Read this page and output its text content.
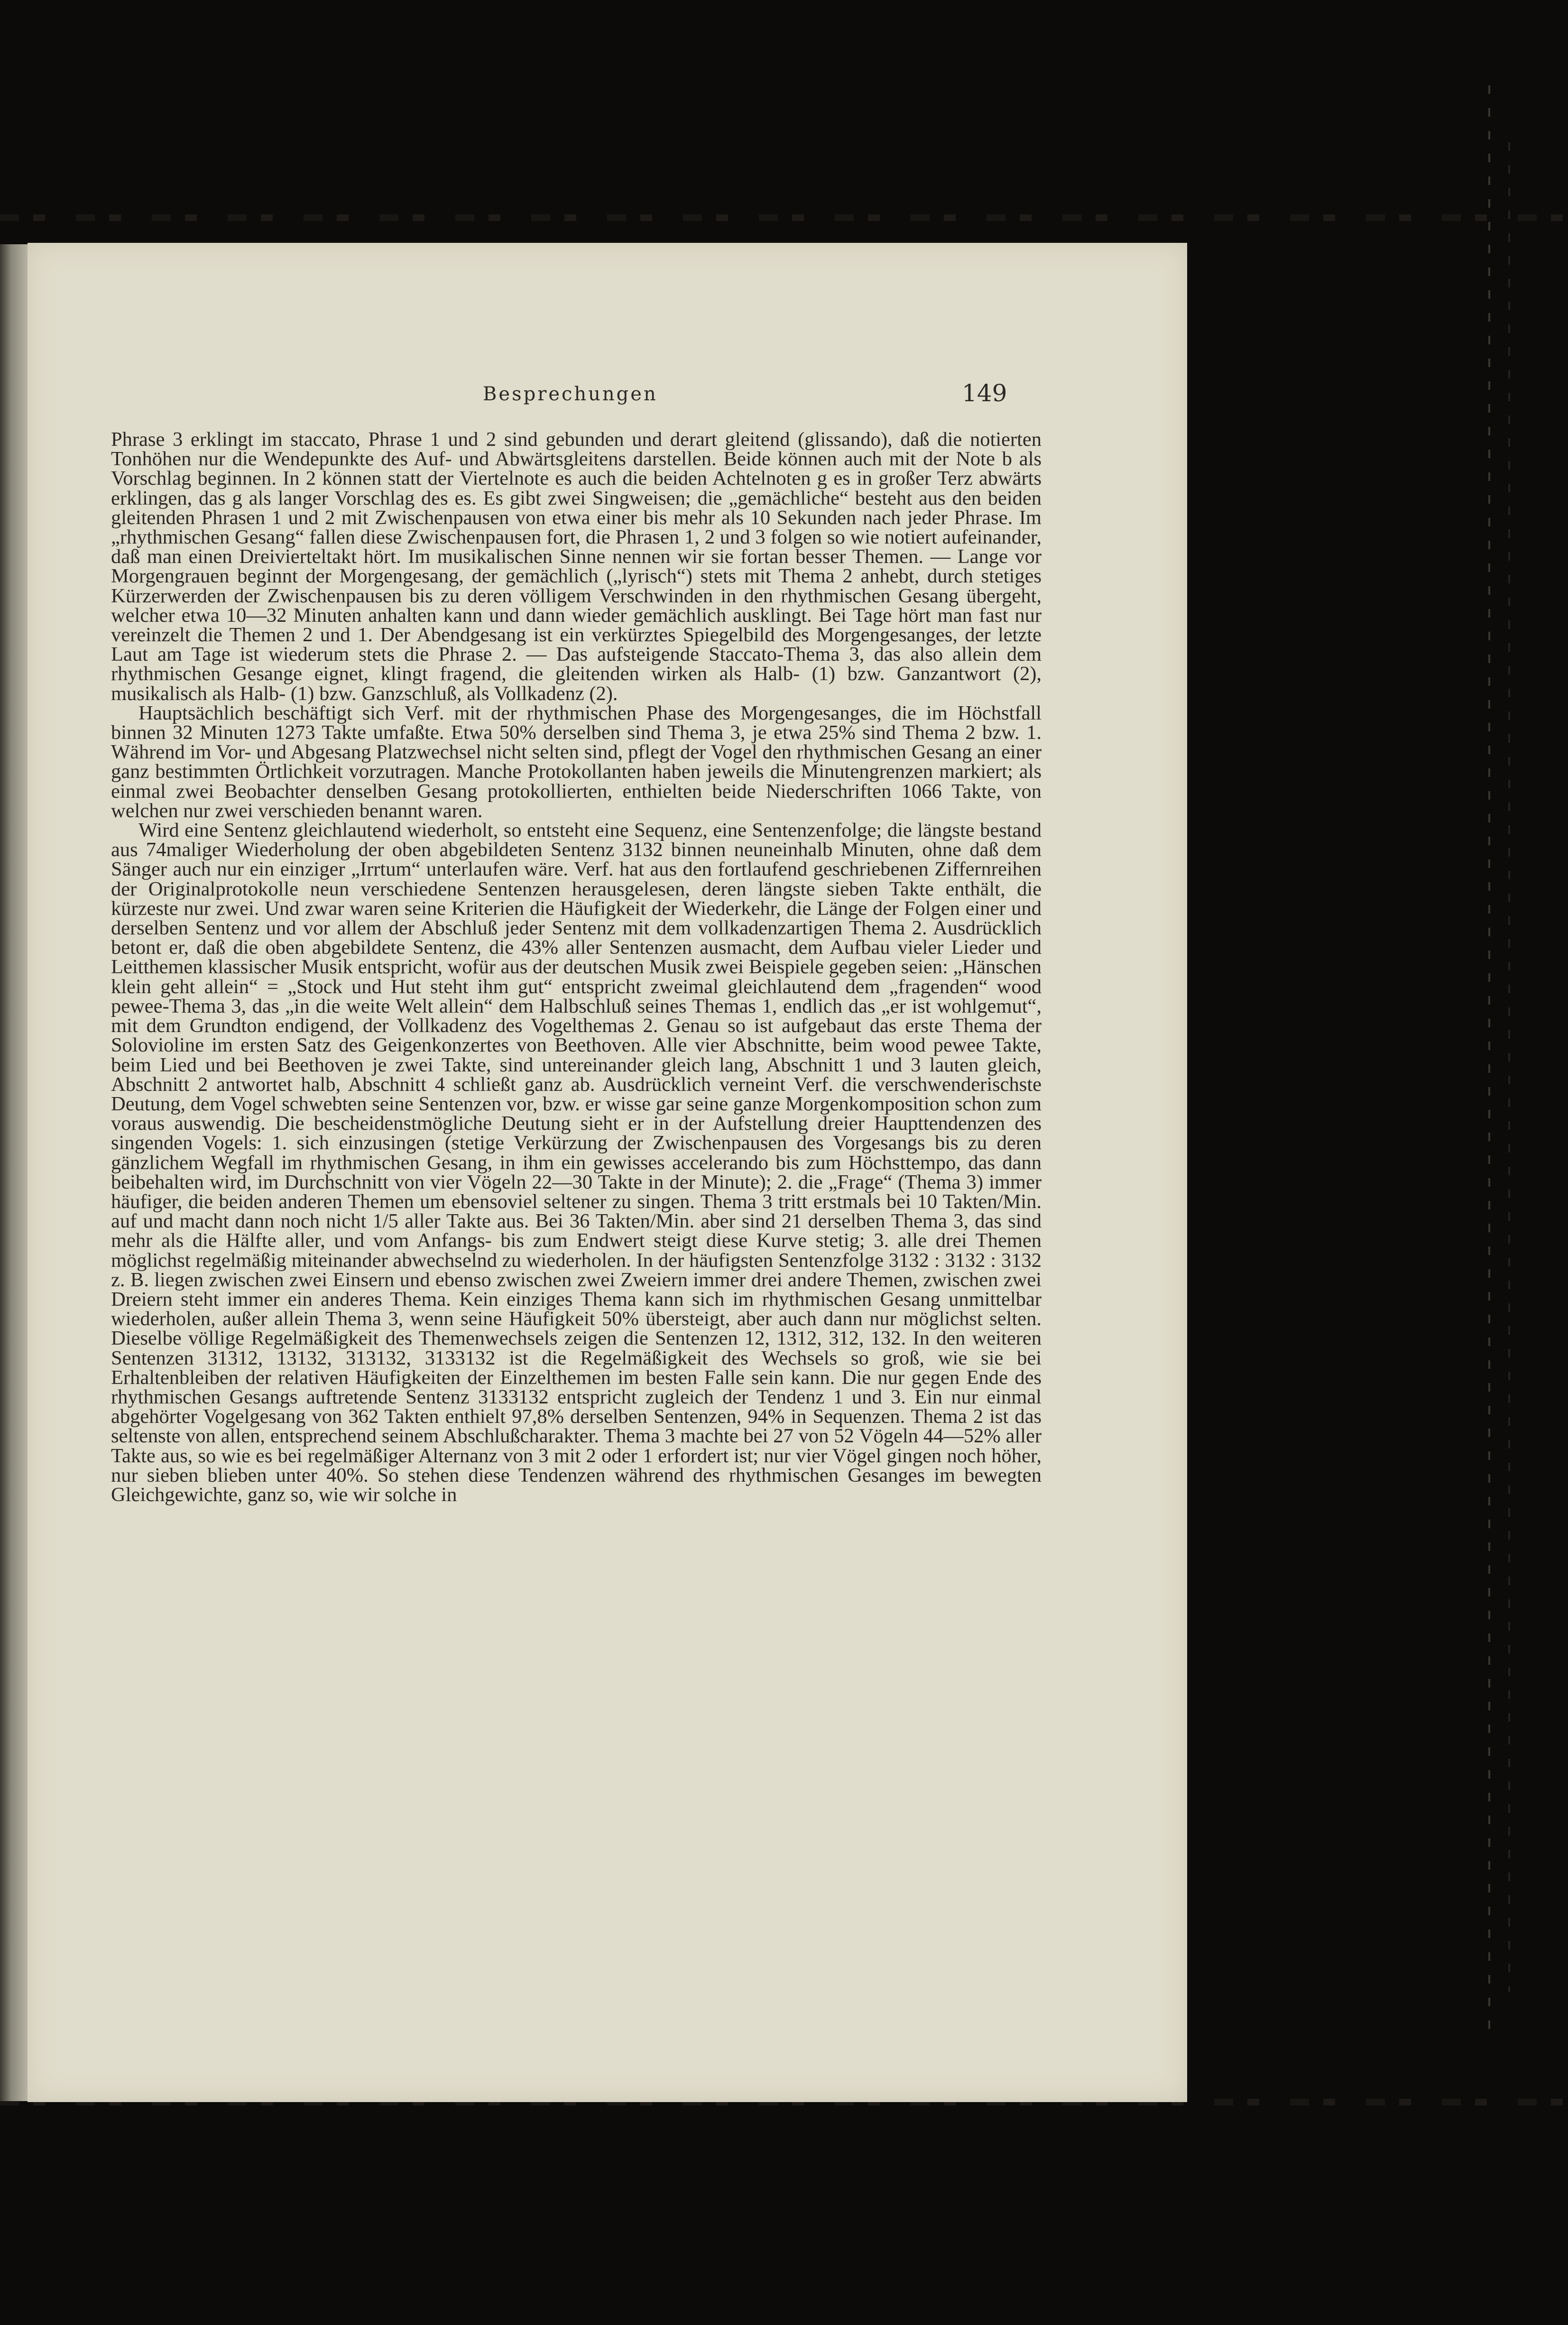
Besprechungen	149

Phrase 3 erklingt im staccato, Phrase 1 und 2 sind gebunden und derart gleitend (glissando), daß die notierten Tonhöhen nur die Wendepunkte des Auf- und Abwärtsgleitens darstellen. Beide können auch mit der Note b als Vorschlag beginnen. In 2 können statt der Viertelnote es auch die beiden Achtelnoten g es in großer Terz abwärts erklingen, das g als langer Vorschlag des es. Es gibt zwei Singweisen; die „gemächliche“ besteht aus den beiden gleitenden Phrasen 1 und 2 mit Zwischenpausen von etwa einer bis mehr als 10 Sekunden nach jeder Phrase. Im „rhythmischen Gesang“ fallen diese Zwischenpausen fort, die Phrasen 1, 2 und 3 folgen so wie notiert aufeinander, daß man einen Dreivierteltakt hört. Im musikalischen Sinne nennen wir sie fortan besser Themen. — Lange vor Morgengrauen beginnt der Morgengesang, der gemächlich („lyrisch“) stets mit Thema 2 anhebt, durch stetiges Kürzerwerden der Zwischenpausen bis zu deren völligem Verschwinden in den rhythmischen Gesang übergeht, welcher etwa 10—32 Minuten anhalten kann und dann wieder gemächlich ausklingt. Bei Tage hört man fast nur vereinzelt die Themen 2 und 1. Der Abendgesang ist ein verkürztes Spiegelbild des Morgengesanges, der letzte Laut am Tage ist wiederum stets die Phrase 2. — Das aufsteigende Staccato-Thema 3, das also allein dem rhythmischen Gesange eignet, klingt fragend, die gleitenden wirken als Halb- (1) bzw. Ganzantwort (2), musikalisch als Halb- (1) bzw. Ganzschluß, als Vollkadenz (2).

Hauptsächlich beschäftigt sich Verf. mit der rhythmischen Phase des Morgengesanges, die im Höchstfall binnen 32 Minuten 1273 Takte umfaßte. Etwa 50% derselben sind Thema 3, je etwa 25% sind Thema 2 bzw. 1. Während im Vor- und Abgesang Platzwechsel nicht selten sind, pflegt der Vogel den rhythmischen Gesang an einer ganz bestimmten Örtlichkeit vorzutragen. Manche Protokollanten haben jeweils die Minutengrenzen markiert; als einmal zwei Beobachter denselben Gesang protokollierten, enthielten beide Niederschriften 1066 Takte, von welchen nur zwei verschieden benannt waren.

Wird eine Sentenz gleichlautend wiederholt, so entsteht eine Sequenz, eine Sentenzenfolge; die längste bestand aus 74maliger Wiederholung der oben abgebildeten Sentenz 3132 binnen neuneinhalb Minuten, ohne daß dem Sänger auch nur ein einziger „Irrtum“ unterlaufen wäre. Verf. hat aus den fortlaufend geschriebenen Ziffernreihen der Originalprotokolle neun verschiedene Sentenzen herausgelesen, deren längste sieben Takte enthält, die kürzeste nur zwei. Und zwar waren seine Kriterien die Häufigkeit der Wiederkehr, die Länge der Folgen einer und derselben Sentenz und vor allem der Abschluß jeder Sentenz mit dem vollkadenzartigen Thema 2. Ausdrücklich betont er, daß die oben abgebildete Sentenz, die 43% aller Sentenzen ausmacht, dem Aufbau vieler Lieder und Leitthemen klassischer Musik entspricht, wofür aus der deutschen Musik zwei Beispiele gegeben seien: „Hänschen klein geht allein“ = „Stock und Hut steht ihm gut“ entspricht zweimal gleichlautend dem „fragenden“ wood pewee-Thema 3, das „in die weite Welt allein“ dem Halbschluß seines Themas 1, endlich das „er ist wohlgemut“, mit dem Grundton endigend, der Vollkadenz des Vogelthemas 2. Genau so ist aufgebaut das erste Thema der Solovioline im ersten Satz des Geigenkonzertes von Beethoven. Alle vier Abschnitte, beim wood pewee Takte, beim Lied und bei Beethoven je zwei Takte, sind untereinander gleich lang, Abschnitt 1 und 3 lauten gleich, Abschnitt 2 antwortet halb, Abschnitt 4 schließt ganz ab. Ausdrücklich verneint Verf. die verschwenderischste Deutung, dem Vogel schwebten seine Sentenzen vor, bzw. er wisse gar seine ganze Morgenkomposition schon zum voraus auswendig. Die bescheidenstmögliche Deutung sieht er in der Aufstellung dreier Haupttendenzen des singenden Vogels: 1. sich einzusingen (stetige Verkürzung der Zwischenpausen des Vorgesangs bis zu deren gänzlichem Wegfall im rhythmischen Gesang, in ihm ein gewisses accelerando bis zum Höchsttempo, das dann beibehalten wird, im Durchschnitt von vier Vögeln 22—30 Takte in der Minute); 2. die „Frage“ (Thema 3) immer häufiger, die beiden anderen Themen um ebensoviel seltener zu singen. Thema 3 tritt erstmals bei 10 Takten/Min. auf und macht dann noch nicht 1/5 aller Takte aus. Bei 36 Takten/Min. aber sind 21 derselben Thema 3, das sind mehr als die Hälfte aller, und vom Anfangs- bis zum Endwert steigt diese Kurve stetig; 3. alle drei Themen möglichst regelmäßig miteinander abwechselnd zu wiederholen. In der häufigsten Sentenzfolge 3132 : 3132 : 3132 z. B. liegen zwischen zwei Einsern und ebenso zwischen zwei Zweiern immer drei andere Themen, zwischen zwei Dreiern steht immer ein anderes Thema. Kein einziges Thema kann sich im rhythmischen Gesang unmittelbar wiederholen, außer allein Thema 3, wenn seine Häufigkeit 50% übersteigt, aber auch dann nur möglichst selten. Dieselbe völlige Regelmäßigkeit des Themenwechsels zeigen die Sentenzen 12, 1312, 312, 132. In den weiteren Sentenzen 31312, 13132, 313132, 3133132 ist die Regelmäßigkeit des Wechsels so groß, wie sie bei Erhaltenbleiben der relativen Häufigkeiten der Einzelthemen im besten Falle sein kann. Die nur gegen Ende des rhythmischen Gesangs auftretende Sentenz 3133132 entspricht zugleich der Tendenz 1 und 3. Ein nur einmal abgehörter Vogelgesang von 362 Takten enthielt 97,8% derselben Sentenzen, 94% in Sequenzen. Thema 2 ist das seltenste von allen, entsprechend seinem Abschlußcharakter. Thema 3 machte bei 27 von 52 Vögeln 44—52% aller Takte aus, so wie es bei regelmäßiger Alternanz von 3 mit 2 oder 1 erfordert ist; nur vier Vögel gingen noch höher, nur sieben blieben unter 40%. So stehen diese Tendenzen während des rhythmischen Gesanges im bewegten Gleichgewichte, ganz so, wie wir solche in
